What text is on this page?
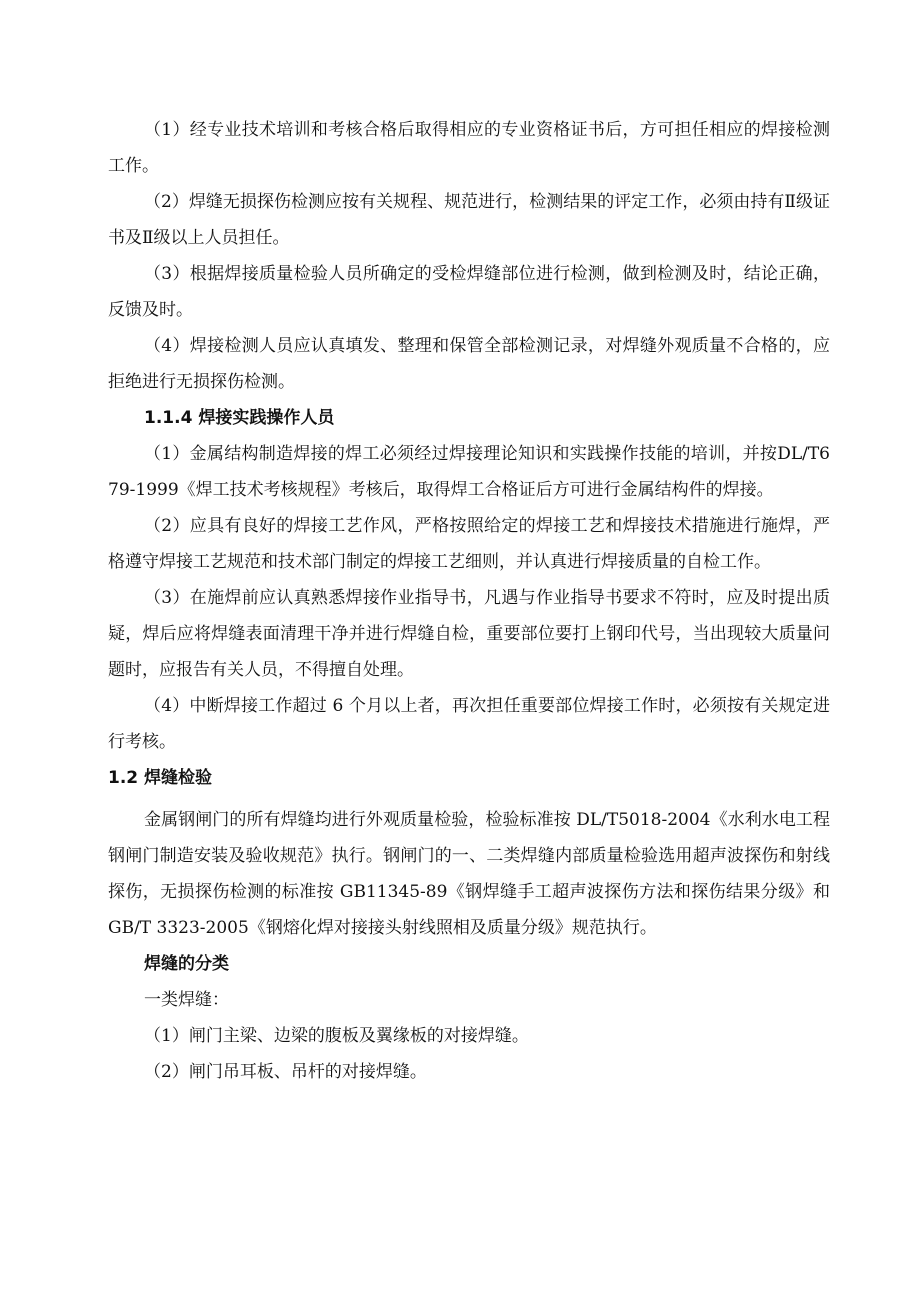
（1）经专业技术培训和考核合格后取得相应的专业资格证书后，方可担任相应的焊接检测工作。

（2）焊缝无损探伤检测应按有关规程、规范进行，检测结果的评定工作，必须由持有Ⅱ级证书及Ⅱ级以上人员担任。

（3）根据焊接质量检验人员所确定的受检焊缝部位进行检测，做到检测及时，结论正确，反馈及时。

（4）焊接检测人员应认真填发、整理和保管全部检测记录，对焊缝外观质量不合格的，应拒绝进行无损探伤检测。

1.1.4 焊接实践操作人员

（1）金属结构制造焊接的焊工必须经过焊接理论知识和实践操作技能的培训，并按DL/T679-1999《焊工技术考核规程》考核后，取得焊工合格证后方可进行金属结构件的焊接。

（2）应具有良好的焊接工艺作风，严格按照给定的焊接工艺和焊接技术措施进行施焊，严格遵守焊接工艺规范和技术部门制定的焊接工艺细则，并认真进行焊接质量的自检工作。

（3）在施焊前应认真熟悉焊接作业指导书，凡遇与作业指导书要求不符时，应及时提出质疑，焊后应将焊缝表面清理干净并进行焊缝自检，重要部位要打上钢印代号，当出现较大质量问题时，应报告有关人员，不得擅自处理。

（4）中断焊接工作超过 6 个月以上者，再次担任重要部位焊接工作时，必须按有关规定进行考核。

1.2 焊缝检验

金属钢闸门的所有焊缝均进行外观质量检验，检验标准按 DL/T5018-2004《水利水电工程钢闸门制造安装及验收规范》执行。钢闸门的一、二类焊缝内部质量检验选用超声波探伤和射线探伤，无损探伤检测的标准按 GB11345-89《钢焊缝手工超声波探伤方法和探伤结果分级》和 GB/T 3323-2005《钢熔化焊对接接头射线照相及质量分级》规范执行。

焊缝的分类

一类焊缝：

（1）闸门主梁、边梁的腹板及翼缘板的对接焊缝。

（2）闸门吊耳板、吊杆的对接焊缝。
